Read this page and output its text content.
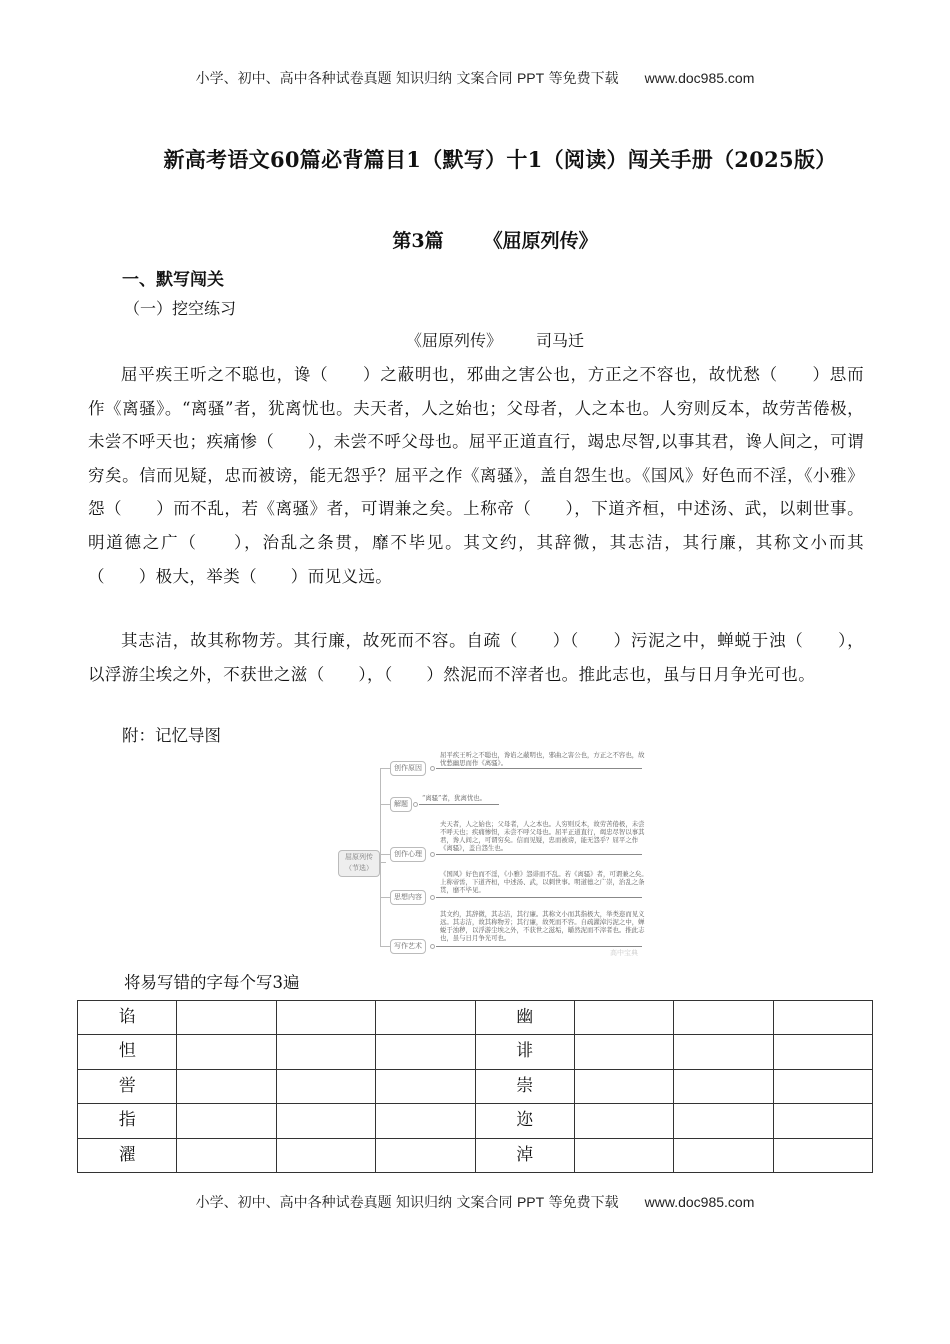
小学、初中、高中各种试卷真题 知识归纳 文案合同 PPT 等免费下载 www.doc985.com
新高考语文60篇必背篇目1（默写）十1（阅读）闯关手册（2025版）
第3篇 《屈原列传》
一、默写闯关
（一）挖空练习
《屈原列传》 司马迁

屈平疾王听之不聪也，谗（　　）之蔽明也，邪曲之害公也，方正之不容也，故忧愁（　　）思而作《离骚》。“离骚”者，犹离忧也。夫天者，人之始也；父母者，人之本也。人穷则反本，故劳苦倦极，未尝不呼天也；疾痛惨（　　），未尝不呼父母也。屈平正道直行，竭忠尽智,以事其君，谗人间之，可谓穷矣。信而见疑，忠而被谤，能无怨乎？屈平之作《离骚》，盖自怨生也。《国风》好色而不淫，《小雅》怨（　　）而不乱，若《离骚》者，可谓兼之矣。上称帝（　　），下道齐桓，中述汤、武，以刺世事。明道德之广（　　），治乱之条贯，靡不毕见。其文约，其辞微，其志洁，其行廉，其称文小而其（　　）极大，举类（　　）而见义远。

其志洁，故其称物芳。其行廉，故死而不容。自疏（　　）（　　）污泥之中，蝉蜕于浊（　　），以浮游尘埃之外，不获世之滋（　　），（　　）然泥而不滓者也。推此志也，虽与日月争光可也。

附：记忆导图
屈原列传
（节选）
创作原因
屈平疾王听之不聪也，谗谄之蔽明也，邪曲之害公也，方正之不容也，故忧愁幽思而作《离骚》。
解题
“离骚”者，犹离忧也。
创作心理
夫天者，人之始也；父母者，人之本也。人穷则反本，故劳苦倦极，未尝不呼天也；疾痛惨怛，未尝不呼父母也。屈平正道直行，竭忠尽智以事其君，谗人间之，可谓穷矣。信而见疑，忠而被谤，能无怨乎？屈平之作《离骚》，盖自怨生也。
思想内容
《国风》好色而不淫，《小雅》怨诽而不乱。若《离骚》者，可谓兼之矣。上称帝喾，下道齐桓，中述汤、武，以刺世事。明道德之广崇，治乱之条贯，靡不毕见。
写作艺术
其文约，其辞微，其志洁，其行廉。其称文小而其指极大，举类迩而见义远。其志洁，故其称物芳；其行廉，故死而不容。自疏濯淖污泥之中，蝉蜕于浊秽，以浮游尘埃之外，不获世之滋垢，皭然泥而不滓者也。推此志也，虽与日月争光可也。
高中宝典
将易写错的字每个写3遍
谄				幽			
怛				诽			
喾				崇			
指				迩			
濯				淖			
小学、初中、高中各种试卷真题 知识归纳 文案合同 PPT 等免费下载 www.doc985.com
